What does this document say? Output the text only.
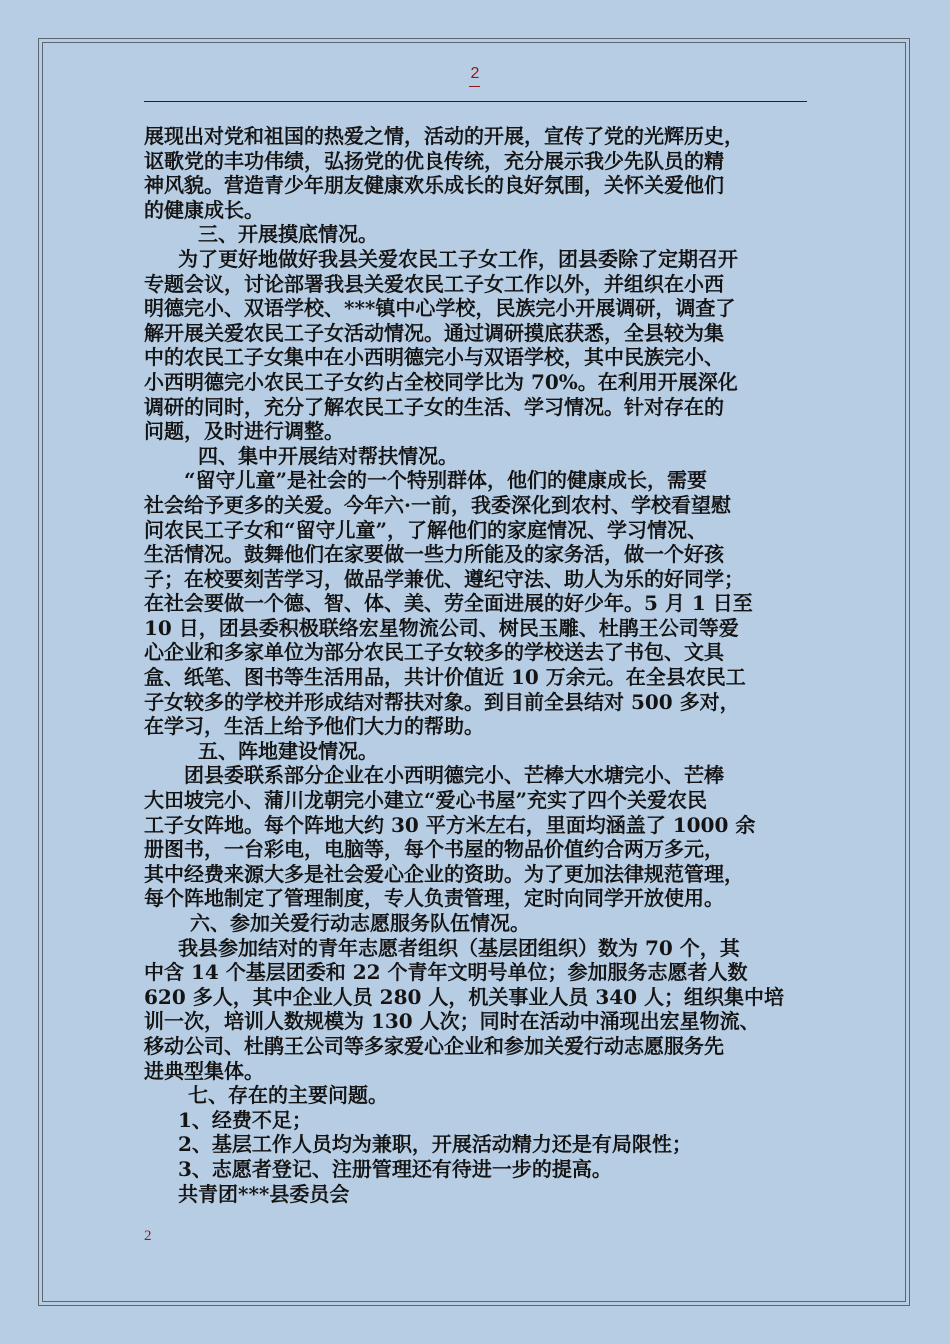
2
展现出对党和祖国的热爱之情，活动的开展，宣传了党的光辉历史，
讴歌党的丰功伟绩，弘扬党的优良传统，充分展示我少先队员的精
神风貌。营造青少年朋友健康欢乐成长的良好氛围，关怀关爱他们
的健康成长。
三、开展摸底情况。
为了更好地做好我县关爱农民工子女工作，团县委除了定期召开
专题会议，讨论部署我县关爱农民工子女工作以外，并组织在小西
明德完小、双语学校、***镇中心学校，民族完小开展调研，调查了
解开展关爱农民工子女活动情况。通过调研摸底获悉，全县较为集
中的农民工子女集中在小西明德完小与双语学校，其中民族完小、
小西明德完小农民工子女约占全校同学比为 70%。在利用开展深化
调研的同时，充分了解农民工子女的生活、学习情况。针对存在的
问题，及时进行调整。
四、集中开展结对帮扶情况。
“留守儿童”是社会的一个特别群体，他们的健康成长，需要
社会给予更多的关爱。今年六·一前，我委深化到农村、学校看望慰
问农民工子女和“留守儿童”，了解他们的家庭情况、学习情况、
生活情况。鼓舞他们在家要做一些力所能及的家务活，做一个好孩
子；在校要刻苦学习，做品学兼优、遵纪守法、助人为乐的好同学；
在社会要做一个德、智、体、美、劳全面进展的好少年。5 月 1 日至
10 日，团县委积极联络宏星物流公司、树民玉雕、杜鹃王公司等爱
心企业和多家单位为部分农民工子女较多的学校送去了书包、文具
盒、纸笔、图书等生活用品，共计价值近 10 万余元。在全县农民工
子女较多的学校并形成结对帮扶对象。到目前全县结对 500 多对，
在学习，生活上给予他们大力的帮助。
五、阵地建设情况。
团县委联系部分企业在小西明德完小、芒棒大水塘完小、芒棒
大田坡完小、蒲川龙朝完小建立“爱心书屋”充实了四个关爱农民
工子女阵地。每个阵地大约 30 平方米左右，里面均涵盖了 1000 余
册图书，一台彩电，电脑等，每个书屋的物品价值约合两万多元，
其中经费来源大多是社会爱心企业的资助。为了更加法律规范管理，
每个阵地制定了管理制度，专人负责管理，定时向同学开放使用。
六、参加关爱行动志愿服务队伍情况。
我县参加结对的青年志愿者组织（基层团组织）数为 70 个，其
中含 14 个基层团委和 22 个青年文明号单位；参加服务志愿者人数
620 多人，其中企业人员 280 人，机关事业人员 340 人；组织集中培
训一次，培训人数规模为 130 人次；同时在活动中涌现出宏星物流、
移动公司、杜鹃王公司等多家爱心企业和参加关爱行动志愿服务先
进典型集体。
七、存在的主要问题。
1、经费不足；
2、基层工作人员均为兼职，开展活动精力还是有局限性；
3、志愿者登记、注册管理还有待进一步的提高。
共青团***县委员会
2
